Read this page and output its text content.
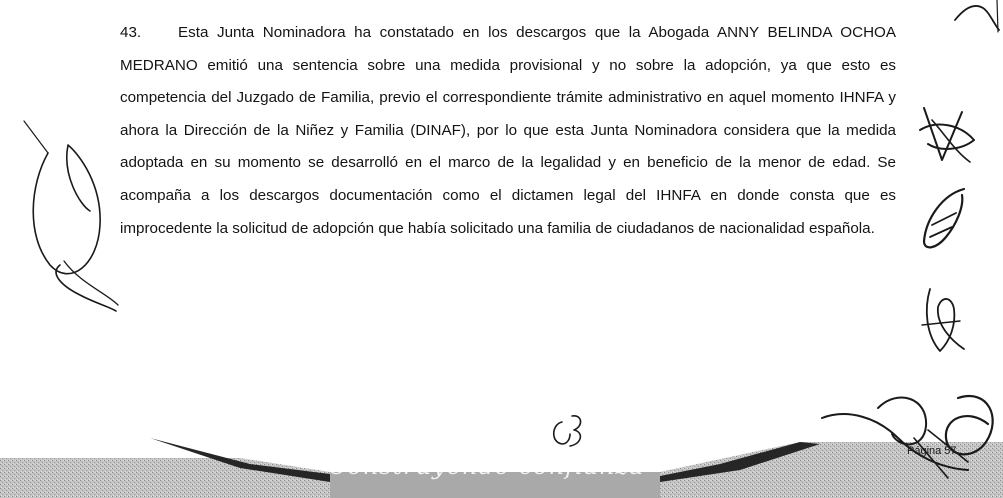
43. Esta Junta Nominadora ha constatado en los descargos que la Abogada ANNY BELINDA OCHOA MEDRANO emitió una sentencia sobre una medida provisional y no sobre la adopción, ya que esto es competencia del Juzgado de Familia, previo el correspondiente trámite administrativo en aquel momento IHNFA y ahora la Dirección de la Niñez y Familia (DINAF), por lo que esta Junta Nominadora considera que la medida adoptada en su momento se desarrolló en el marco de la legalidad y en beneficio de la menor de edad. Se acompaña a los descargos documentación como el dictamen legal del IHNFA en donde consta que es improcedente la solicitud de adopción que había solicitado una familia de ciudadanos de nacionalidad española.

Construyendo confianza
Página 57
